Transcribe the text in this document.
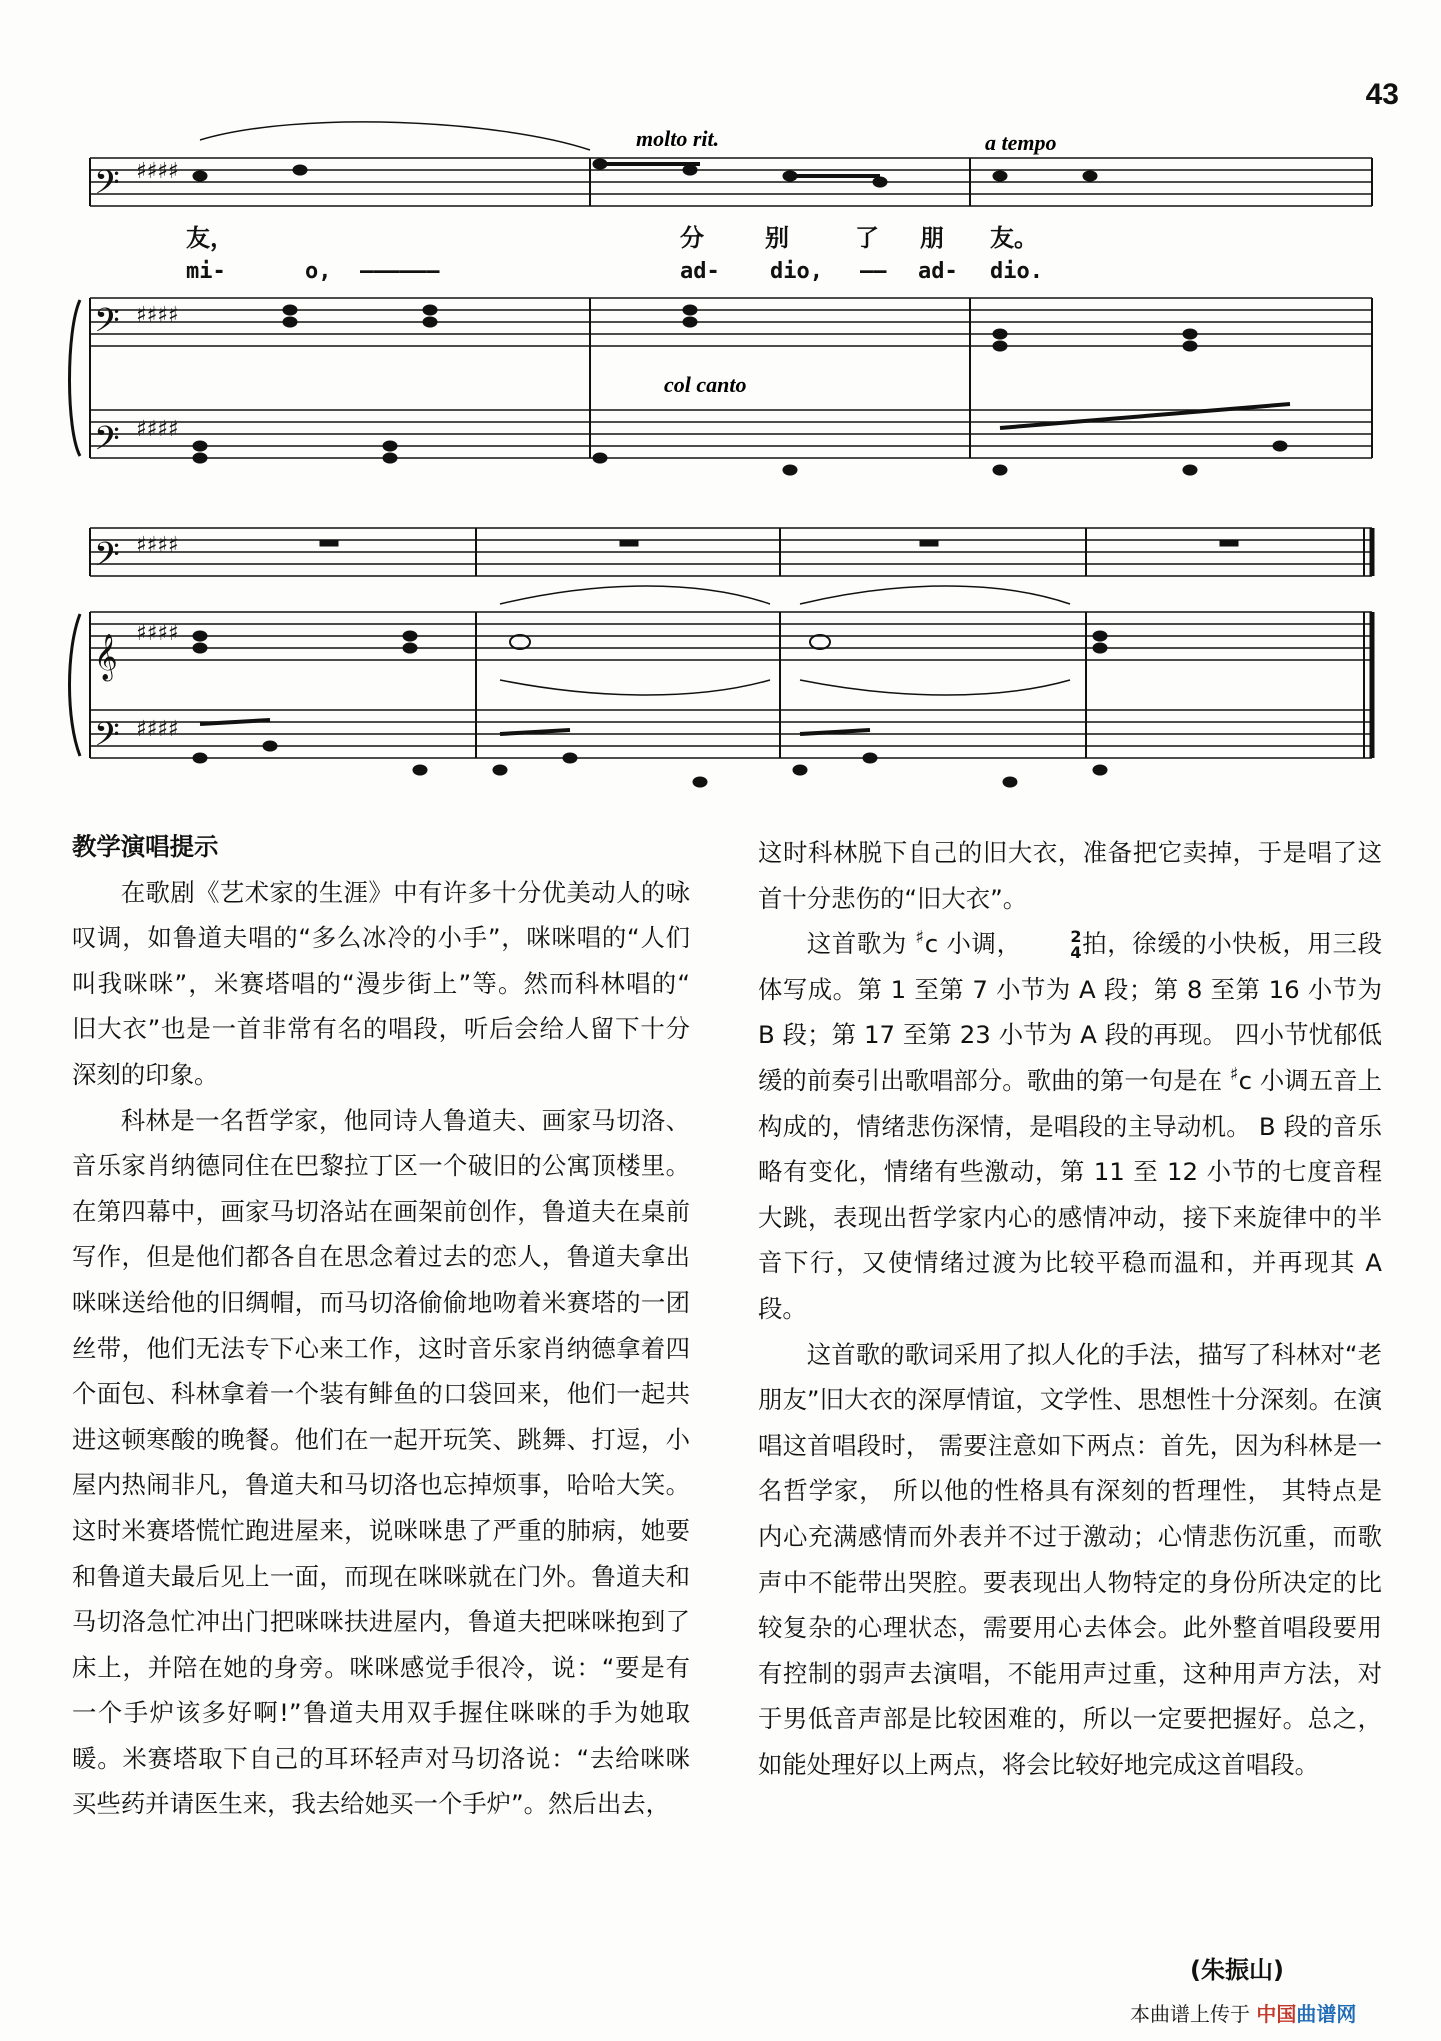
43
𝄢
𝄢
𝄢
𝄢
𝄢
𝄞
♯♯♯♯
♯♯♯♯
♯♯♯♯
♯♯♯♯
♯♯♯♯
♯♯♯♯
molto rit.	a tempo
col canto
友，	分	别	了 朋 友。
mi-	o, ——————	ad- dio, —— ad- dio.
教学演唱提示

在歌剧《艺术家的生涯》中有许多十分优美动人的咏叹调，如鲁道夫唱的“多么冰冷的小手”，咪咪唱的“人们叫我咪咪”，米赛塔唱的“漫步街上”等。然而科林唱的“ 旧大衣”也是一首非常有名的唱段，听后会给人留下十分深刻的印象。

科林是一名哲学家，他同诗人鲁道夫、画家马切洛、音乐家肖纳德同住在巴黎拉丁区一个破旧的公寓顶楼里。在第四幕中，画家马切洛站在画架前创作，鲁道夫在桌前写作，但是他们都各自在思念着过去的恋人，鲁道夫拿出咪咪送给他的旧绸帽，而马切洛偷偷地吻着米赛塔的一团丝带，他们无法专下心来工作，这时音乐家肖纳德拿着四个面包、科林拿着一个装有鲱鱼的口袋回来，他们一起共进这顿寒酸的晚餐。他们在一起开玩笑、跳舞、打逗，小屋内热闹非凡，鲁道夫和马切洛也忘掉烦事，哈哈大笑。这时米赛塔慌忙跑进屋来，说咪咪患了严重的肺病，她要和鲁道夫最后见上一面，而现在咪咪就在门外。鲁道夫和马切洛急忙冲出门把咪咪扶进屋内，鲁道夫把咪咪抱到了床上，并陪在她的身旁。咪咪感觉手很冷，说：“要是有一个手炉该多好啊!”鲁道夫用双手握住咪咪的手为她取暖。米赛塔取下自己的耳环轻声对马切洛说：“去给咪咪买些药并请医生来，我去给她买一个手炉”。然后出去，

这时科林脱下自己的旧大衣，准备把它卖掉，于是唱了这首十分悲伤的“旧大衣”。

这首歌为 ♯c 小调，	2
4 拍，徐缓的小快板，用三段体写成。第 1 至第 7 小节为 A 段；第 8 至第 16 小节为 B 段；第 17 至第 23 小节为 A 段的再现。 四小节忧郁低缓的前奏引出歌唱部分。歌曲的第一句是在 ♯c 小调五音上构成的，情绪悲伤深情，是唱段的主导动机。 B 段的音乐略有变化，情绪有些激动，第 11 至 12 小节的七度音程大跳，表现出哲学家内心的感情冲动，接下来旋律中的半音下行，又使情绪过渡为比较平稳而温和，并再现其 A 段。

这首歌的歌词采用了拟人化的手法，描写了科林对“老朋友”旧大衣的深厚情谊，文学性、思想性十分深刻。在演唱这首唱段时， 需要注意如下两点：首先，因为科林是一名哲学家， 所以他的性格具有深刻的哲理性， 其特点是内心充满感情而外表并不过于激动；心情悲伤沉重，而歌声中不能带出哭腔。要表现出人物特定的身份所决定的比较复杂的心理状态，需要用心去体会。此外整首唱段要用有控制的弱声去演唱，不能用声过重，这种用声方法，对于男低音声部是比较困难的，所以一定要把握好。总之，如能处理好以上两点，将会比较好地完成这首唱段。

(朱振山)
本曲谱上传于 中国曲谱网
